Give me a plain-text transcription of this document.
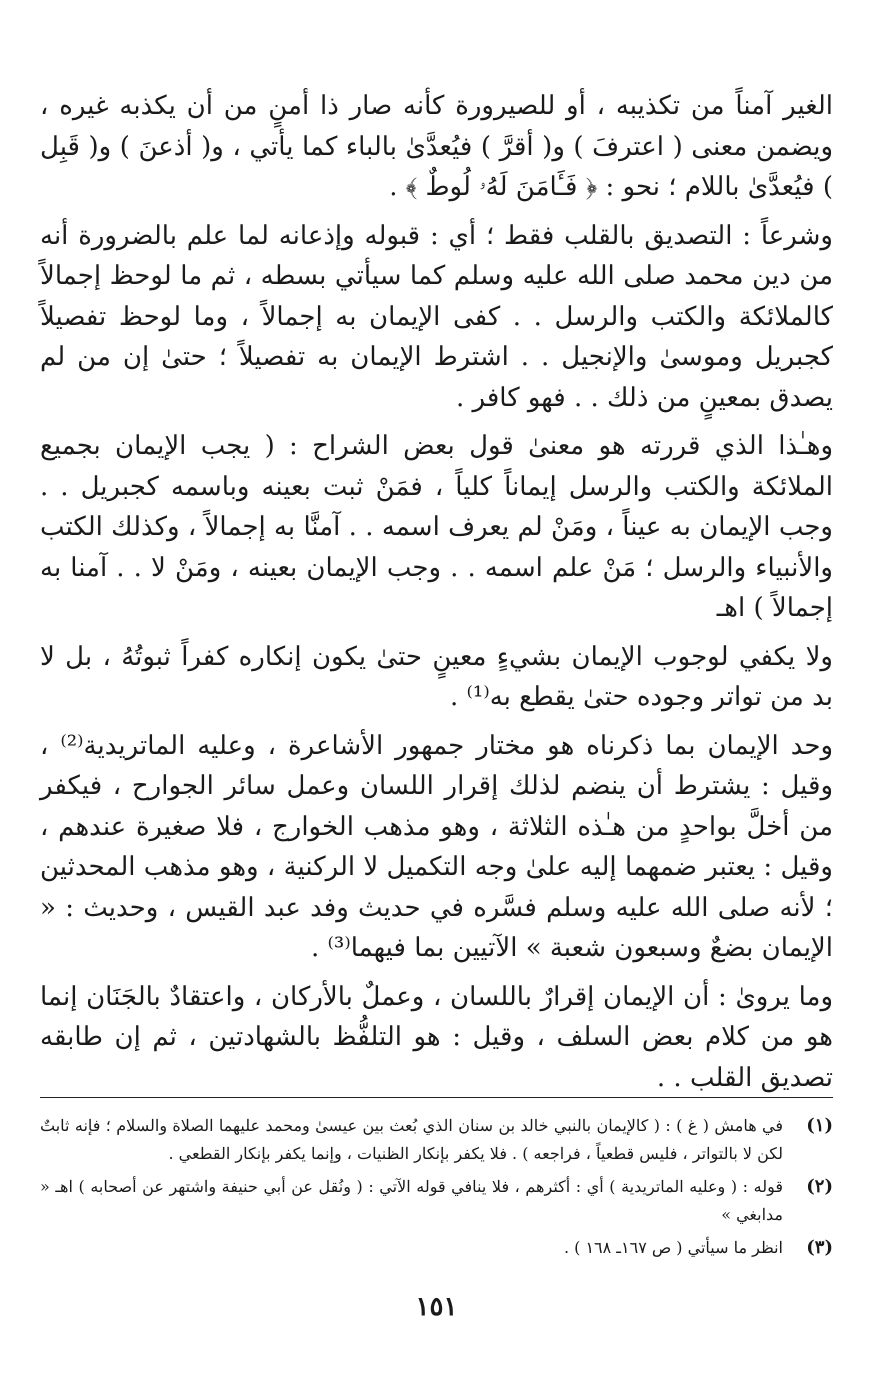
الغير آمناً من تكذيبه ، أو للصيرورة كأنه صار ذا أمنٍ من أن يكذبه غيره ، ويضمن معنى ( اعترفَ ) و( أقرَّ ) فيُعدَّىٰ بالباء كما يأتي ، و( أذعنَ ) و( قَبِل ) فيُعدَّىٰ باللام ؛ نحو : ﴿ فَـَٔامَنَ لَهُۥ لُوطٌ ﴾ .

وشرعاً : التصديق بالقلب فقط ؛ أي : قبوله وإذعانه لما علم بالضرورة أنه من دين محمد صلى الله عليه وسلم كما سيأتي بسطه ، ثم ما لوحظ إجمالاً كالملائكة والكتب والرسل . . كفى الإيمان به إجمالاً ، وما لوحظ تفصيلاً كجبريل وموسىٰ والإنجيل . . اشترط الإيمان به تفصيلاً ؛ حتىٰ إن من لم يصدق بمعينٍ من ذلك . . فهو كافر .

وهـٰذا الذي قررته هو معنىٰ قول بعض الشراح : ( يجب الإيمان بجميع الملائكة والكتب والرسل إيماناً كلياً ، فمَنْ ثبت بعينه وباسمه كجبريل . . وجب الإيمان به عيناً ، ومَنْ لم يعرف اسمه . . آمنَّا به إجمالاً ، وكذلك الكتب والأنبياء والرسل ؛ مَنْ علم اسمه . . وجب الإيمان بعينه ، ومَنْ لا . . آمنا به إجمالاً ) اهـ

ولا يكفي لوجوب الإيمان بشيءٍ معينٍ حتىٰ يكون إنكاره كفراً ثبوتُهُ ، بل لا بد من تواتر وجوده حتىٰ يقطع به⁽¹⁾ .

وحد الإيمان بما ذكرناه هو مختار جمهور الأشاعرة ، وعليه الماتريدية⁽²⁾ ، وقيل : يشترط أن ينضم لذلك إقرار اللسان وعمل سائر الجوارح ، فيكفر من أخلَّ بواحدٍ من هـٰذه الثلاثة ، وهو مذهب الخوارج ، فلا صغيرة عندهم ، وقيل : يعتبر ضمهما إليه علىٰ وجه التكميل لا الركنية ، وهو مذهب المحدثين ؛ لأنه صلى الله عليه وسلم فسَّره في حديث وفد عبد القيس ، وحديث : « الإيمان بضعٌ وسبعون شعبة » الآتيين بما فيهما⁽³⁾ .

وما يروىٰ : أن الإيمان إقرارٌ باللسان ، وعملٌ بالأركان ، واعتقادٌ بالجَنَان إنما هو من كلام بعض السلف ، وقيل : هو التلفُّظ بالشهادتين ، ثم إن طابقه تصديق القلب . .

(١)
في هامش ( غ ) : ( كالإيمان بالنبي خالد بن سنان الذي بُعث بين عيسىٰ ومحمد عليهما الصلاة والسلام ؛ فإنه ثابتٌ لكن لا بالتواتر ، فليس قطعياً ، فراجعه ) . فلا يكفر بإنكار الظنيات ، وإنما يكفر بإنكار القطعي .
(٢)
قوله : ( وعليه الماتريدية ) أي : أكثرهم ، فلا ينافي قوله الآتي : ( ونُقل عن أبي حنيفة واشتهر عن أصحابه ) اهـ « مدابغي »
(٣)
انظر ما سيأتي ( ص ١٦٧ـ ١٦٨ ) .
١٥١
